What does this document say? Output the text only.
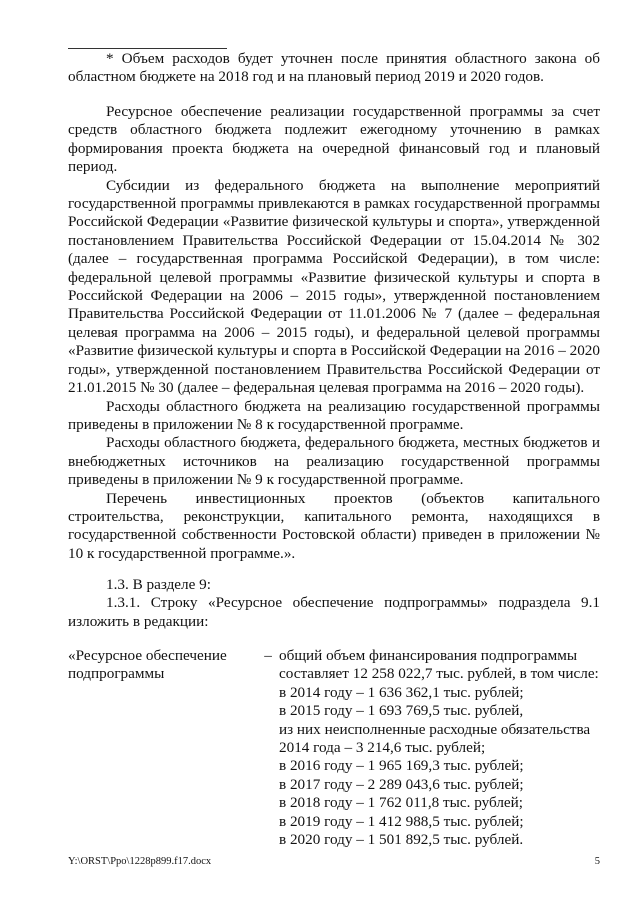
* Объем расходов будет уточнен после принятия областного закона об областном бюджете на 2018 год и на плановый период 2019 и 2020 годов.

Ресурсное обеспечение реализации государственной программы за счет средств областного бюджета подлежит ежегодному уточнению в рамках формирования проекта бюджета на очередной финансовый год и плановый период.

Субсидии из федерального бюджета на выполнение мероприятий государственной программы привлекаются в рамках государственной программы Российской Федерации «Развитие физической культуры и спорта», утвержденной постановлением Правительства Российской Федерации от 15.04.2014 № 302 (далее – государственная программа Российской Федерации), в том числе: федеральной целевой программы «Развитие физической культуры и спорта в Российской Федерации на 2006 – 2015 годы», утвержденной постановлением Правительства Российской Федерации от 11.01.2006 № 7 (далее – федеральная целевая программа на 2006 – 2015 годы), и федеральной целевой программы «Развитие физической культуры и спорта в Российской Федерации на 2016 – 2020 годы», утвержденной постановлением Правительства Российской Федерации от 21.01.2015 № 30 (далее – федеральная целевая программа на 2016 – 2020 годы).

Расходы областного бюджета на реализацию государственной программы приведены в приложении № 8 к государственной программе.

Расходы областного бюджета, федерального бюджета, местных бюджетов и внебюджетных источников на реализацию государственной программы приведены в приложении № 9 к государственной программе.

Перечень инвестиционных проектов (объектов капитального строительства, реконструкции, капитального ремонта, находящихся в государственной собственности Ростовской области) приведен в приложении № 10 к государственной программе.».

1.3. В разделе 9:

1.3.1. Строку «Ресурсное обеспечение подпрограммы» подраздела 9.1 изложить в редакции:

«Ресурсное обеспечение подпрограммы
– общий объем финансирования подпрограммы
составляет 12 258 022,7 тыс. рублей, в том числе:
в 2014 году – 1 636 362,1 тыс. рублей;
в 2015 году – 1 693 769,5 тыс. рублей,
из них неисполненные расходные обязательства
2014 года – 3 214,6 тыс. рублей;
в 2016 году – 1 965 169,3 тыс. рублей;
в 2017 году – 2 289 043,6 тыс. рублей;
в 2018 году – 1 762 011,8 тыс. рублей;
в 2019 году – 1 412 988,5 тыс. рублей;
в 2020 году – 1 501 892,5 тыс. рублей.
Y:\ORST\Ppo\1228p899.f17.docx	5
